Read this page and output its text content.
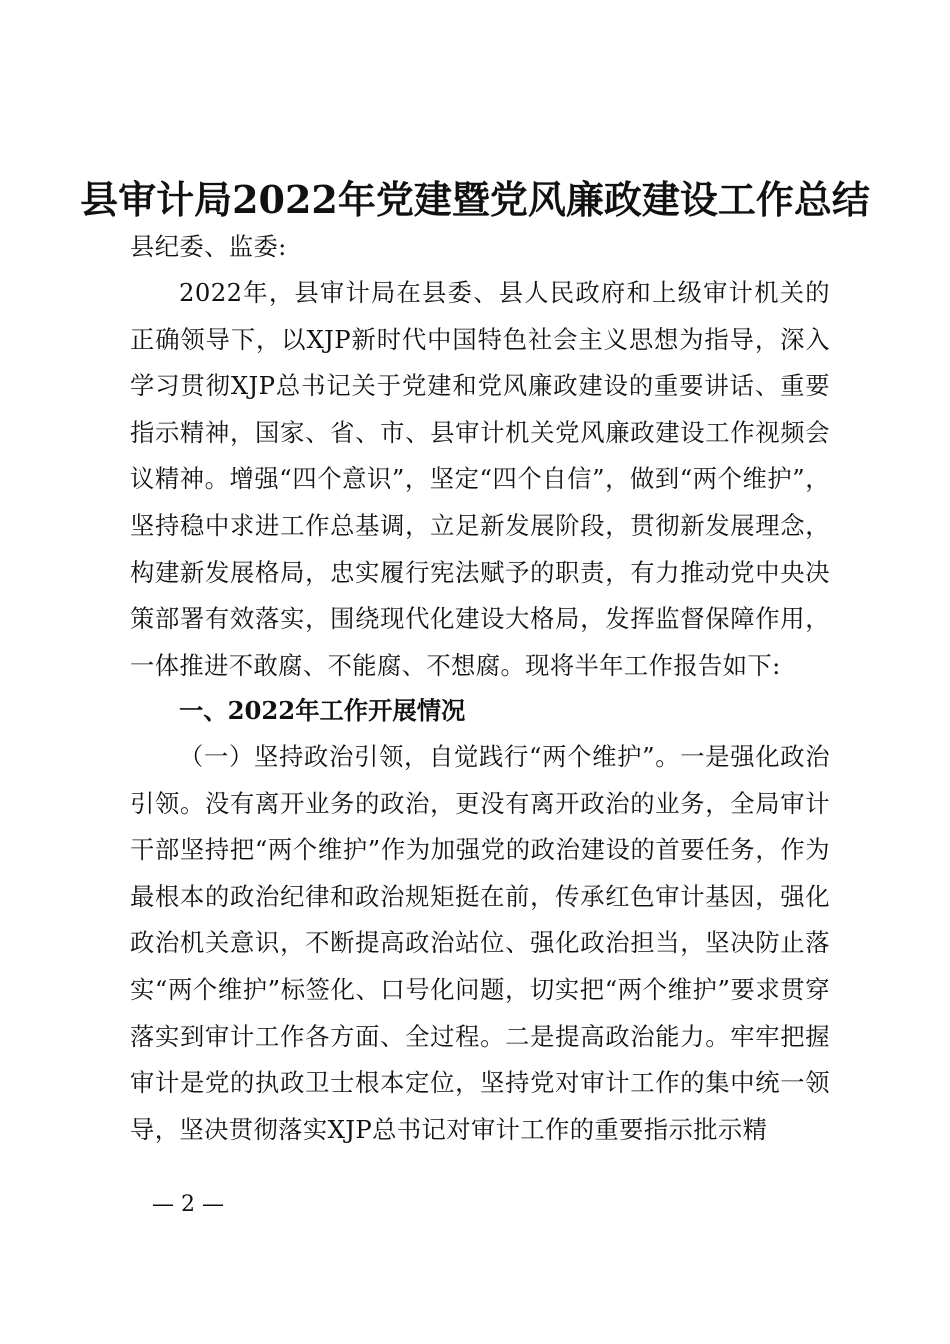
县审计局2022年党建暨党风廉政建设工作总结
县纪委、监委:
2022年，县审计局在县委、县人民政府和上级审计机关的正确领导下，以XJP新时代中国特色社会主义思想为指导，深入学习贯彻XJP总书记关于党建和党风廉政建设的重要讲话、重要指示精神，国家、省、市、县审计机关党风廉政建设工作视频会议精神。增强“四个意识”，坚定“四个自信”，做到“两个维护”，坚持稳中求进工作总基调，立足新发展阶段，贯彻新发展理念，构建新发展格局，忠实履行宪法赋予的职责，有力推动党中央决策部署有效落实，围绕现代化建设大格局，发挥监督保障作用，一体推进不敢腐、不能腐、不想腐。现将半年工作报告如下:
一、2022年工作开展情况
（一）坚持政治引领，自觉践行“两个维护”。一是强化政治引领。没有离开业务的政治，更没有离开政治的业务，全局审计干部坚持把“两个维护”作为加强党的政治建设的首要任务，作为最根本的政治纪律和政治规矩挺在前，传承红色审计基因，强化政治机关意识，不断提高政治站位、强化政治担当，坚决防止落实“两个维护”标签化、口号化问题，切实把“两个维护”要求贯穿落实到审计工作各方面、全过程。二是提高政治能力。牢牢把握审计是党的执政卫士根本定位，坚持党对审计工作的集中统一领导，坚决贯彻落实XJP总书记对审计工作的重要指示批示精
— 2 —
